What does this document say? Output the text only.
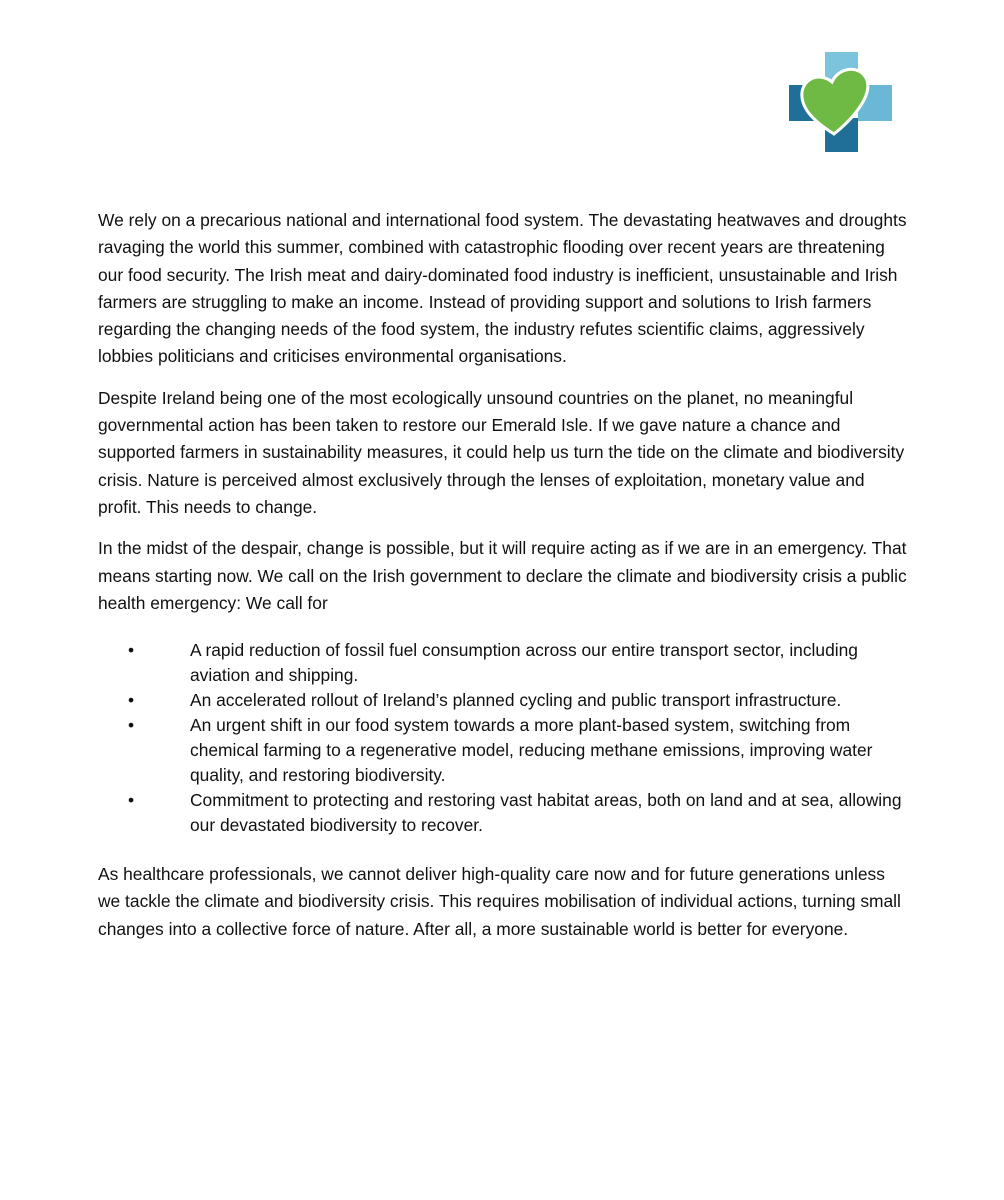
We rely on a precarious national and international food system. The devastating heatwaves and droughts ravaging the world this summer, combined with catastrophic flooding over recent years are threatening our food security. The Irish meat and dairy-dominated food industry is inefficient, unsustainable and Irish farmers are struggling to make an income. Instead of providing support and solutions to Irish farmers regarding the changing needs of the food system, the industry refutes scientific claims, aggressively lobbies politicians and criticises environmental organisations.

Despite Ireland being one of the most ecologically unsound countries on the planet, no meaningful governmental action has been taken to restore our Emerald Isle. If we gave nature a chance and supported farmers in sustainability measures, it could help us turn the tide on the climate and biodiversity crisis. Nature is perceived almost exclusively through the lenses of exploitation, monetary value and profit. This needs to change.

In the midst of the despair, change is possible, but it will require acting as if we are in an emergency. That means starting now. We call on the Irish government to declare the climate and biodiversity crisis a public health emergency: We call for

•	A rapid reduction of fossil fuel consumption across our entire transport sector, including aviation and shipping.
•	An accelerated rollout of Ireland’s planned cycling and public transport infrastructure.
•	An urgent shift in our food system towards a more plant-based system, switching from chemical farming to a regenerative model, reducing methane emissions, improving water quality, and restoring biodiversity.
•	Commitment to protecting and restoring vast habitat areas, both on land and at sea, allowing our devastated biodiversity to recover.

As healthcare professionals, we cannot deliver high-quality care now and for future generations unless we tackle the climate and biodiversity crisis. This requires mobilisation of individual actions, turning small changes into a collective force of nature. After all, a more sustainable world is better for everyone.
